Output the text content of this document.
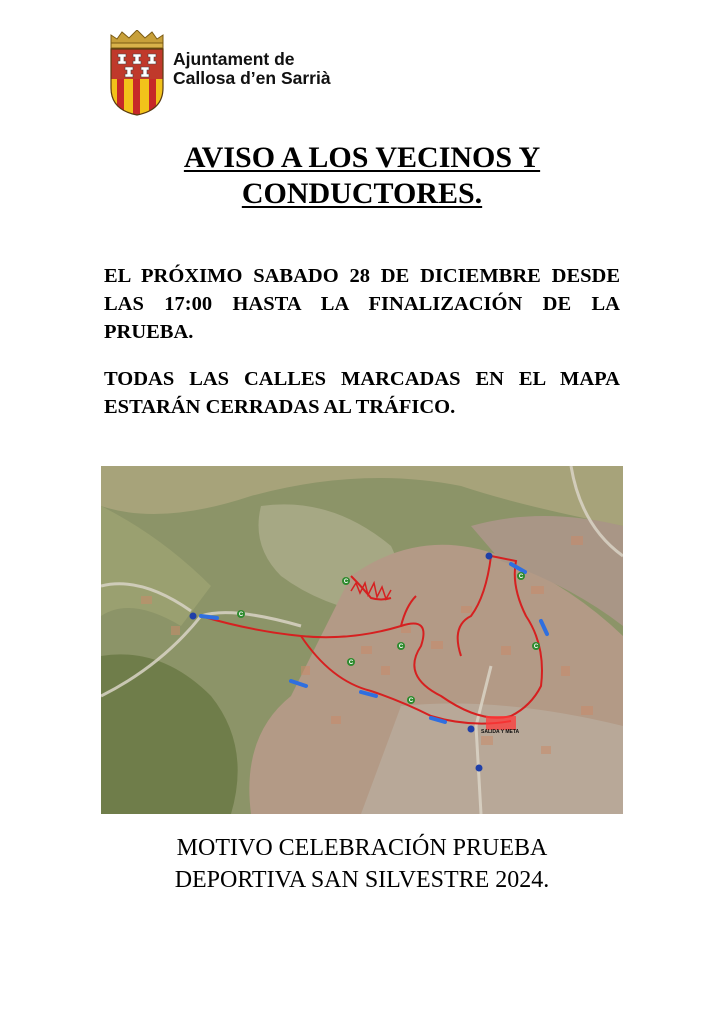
Ajuntament de
Callosa d’en Sarrià
AVISO A LOS VECINOS Y
CONDUCTORES.
EL PRÓXIMO SABADO 28 DE DICIEMBRE DESDE LAS 17:00 HASTA LA FINALIZACIÓN DE LA PRUEBA.
TODAS LAS CALLES MARCADAS EN EL MAPA ESTARÁN CERRADAS AL TRÁFICO.
C
C
C
C
C
C
C
SALIDA Y META
MOTIVO CELEBRACIÓN PRUEBA
DEPORTIVA SAN SILVESTRE 2024.
